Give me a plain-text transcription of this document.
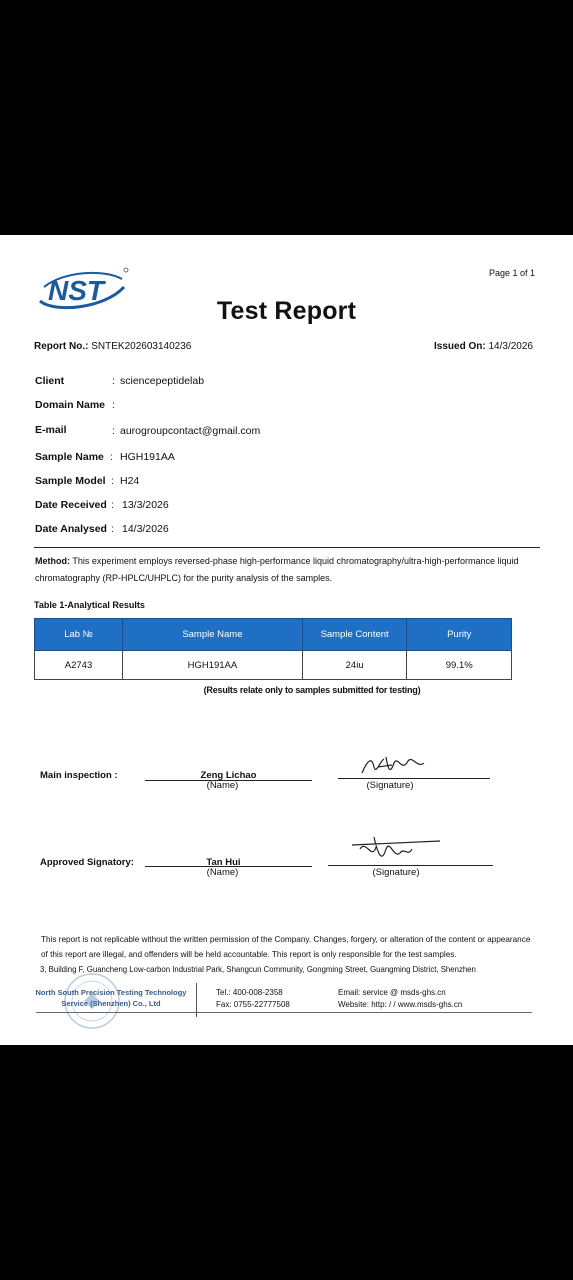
NST
Page 1 of 1
Test Report
Report No.: SNTEK202603140236	Issued On: 14/3/2026
Client	: sciencepeptidelab
Domain Name :
E-mail	: aurogroupcontact@gmail.com
Sample Name : HGH191AA
Sample Model : H24
Date Received : 13/3/2026
Date Analysed : 14/3/2026
Method: This experiment employs reversed-phase high-performance liquid chromatography/ultra-high-performance liquid chromatography (RP-HPLC/UHPLC) for the purity analysis of the samples.
Table 1-Analytical Results
Lab №	Sample Name	Sample Content	Purity
A2743	HGH191AA	24iu	99.1%
(Results relate only to samples submitted for testing)
Main inspection :	Zeng Lichao
(Name)	(Signature)
Approved Signatory:	Tan Hui
(Name)	(Signature)
This report is not replicable without the written permission of the Company. Changes, forgery, or alteration of the content or appearance of this report are illegal, and offenders will be held accountable. This report is only responsible for the test samples.
3, Building F, Guancheng Low-carbon Industrial Park, Shangcun Community, Gongming Street, Guangming District, Shenzhen
North South Precision Testing Technology Service (Shenzhen) Co., Ltd
Tel.: 400-008-2358
Fax: 0755-22777508
Email: service @ msds-ghs.cn
Website: http: / / www.msds-ghs.cn
